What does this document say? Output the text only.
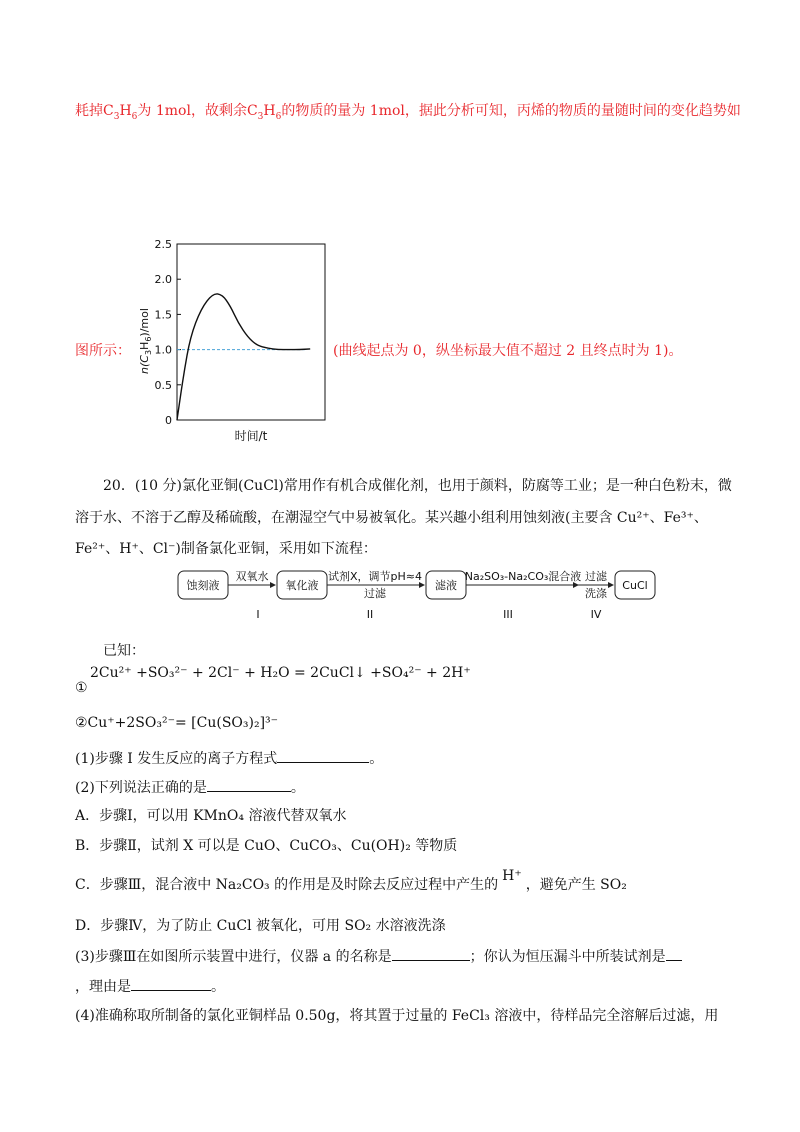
耗掉$C_3H_6$为 1mol，故剩余$C_3H_6$的物质的量为 1mol，据此分析可知，丙烯的物质的量随时间的变化趋势如
图所示：	(曲线起点为 0，纵坐标最大值不超过 2 且终点时为 1)。
0
0.5
1.0
1.5
2.0
2.5
时间/t
$n(C_3H_6)$/mol
20．(10 分)氯化亚铜(CuCl)常用作有机合成催化剂，也用于颜料，防腐等工业；是一种白色粉末，微
溶于水、不溶于乙醇及稀硫酸，在潮湿空气中易被氧化。某兴趣小组利用蚀刻液(主要含 Cu²⁺、Fe³⁺、
Fe²⁺、H⁺、Cl⁻)制备氯化亚铜，采用如下流程：
蚀刻液	氧化液	滤液	CuCl
双氧水	试剂X，调节pH≈4
过滤
Na₂SO₃-Na₂CO₃混合液 过滤
洗涤
I	II	III	IV
已知：
2Cu²⁺ +SO₃²⁻ + 2Cl⁻ + H₂O = 2CuCl↓ +SO₄²⁻ + 2H⁺
①
②Cu⁺+2SO₃²⁻= [Cu(SO₃)₂]³⁻
(1)步骤 I 发生反应的离子方程式	。
(2)下列说法正确的是	。
A．步骤Ⅰ，可以用 KMnO₄ 溶液代替双氧水
B．步骤Ⅱ，试剂 X 可以是 CuO、CuCO₃、Cu(OH)₂ 等物质
C．步骤Ⅲ，混合液中 Na₂CO₃ 的作用是及时除去反应过程中产生的H⁺，避免产生 SO₂
D．步骤Ⅳ，为了防止 CuCl 被氧化，可用 SO₂ 水溶液洗涤
(3)步骤Ⅲ在如图所示装置中进行，仪器 a 的名称是	；你认为恒压漏斗中所装试剂是
，理由是	。
(4)准确称取所制备的氯化亚铜样品 0.50g，将其置于过量的 FeCl₃ 溶液中，待样品完全溶解后过滤，用
